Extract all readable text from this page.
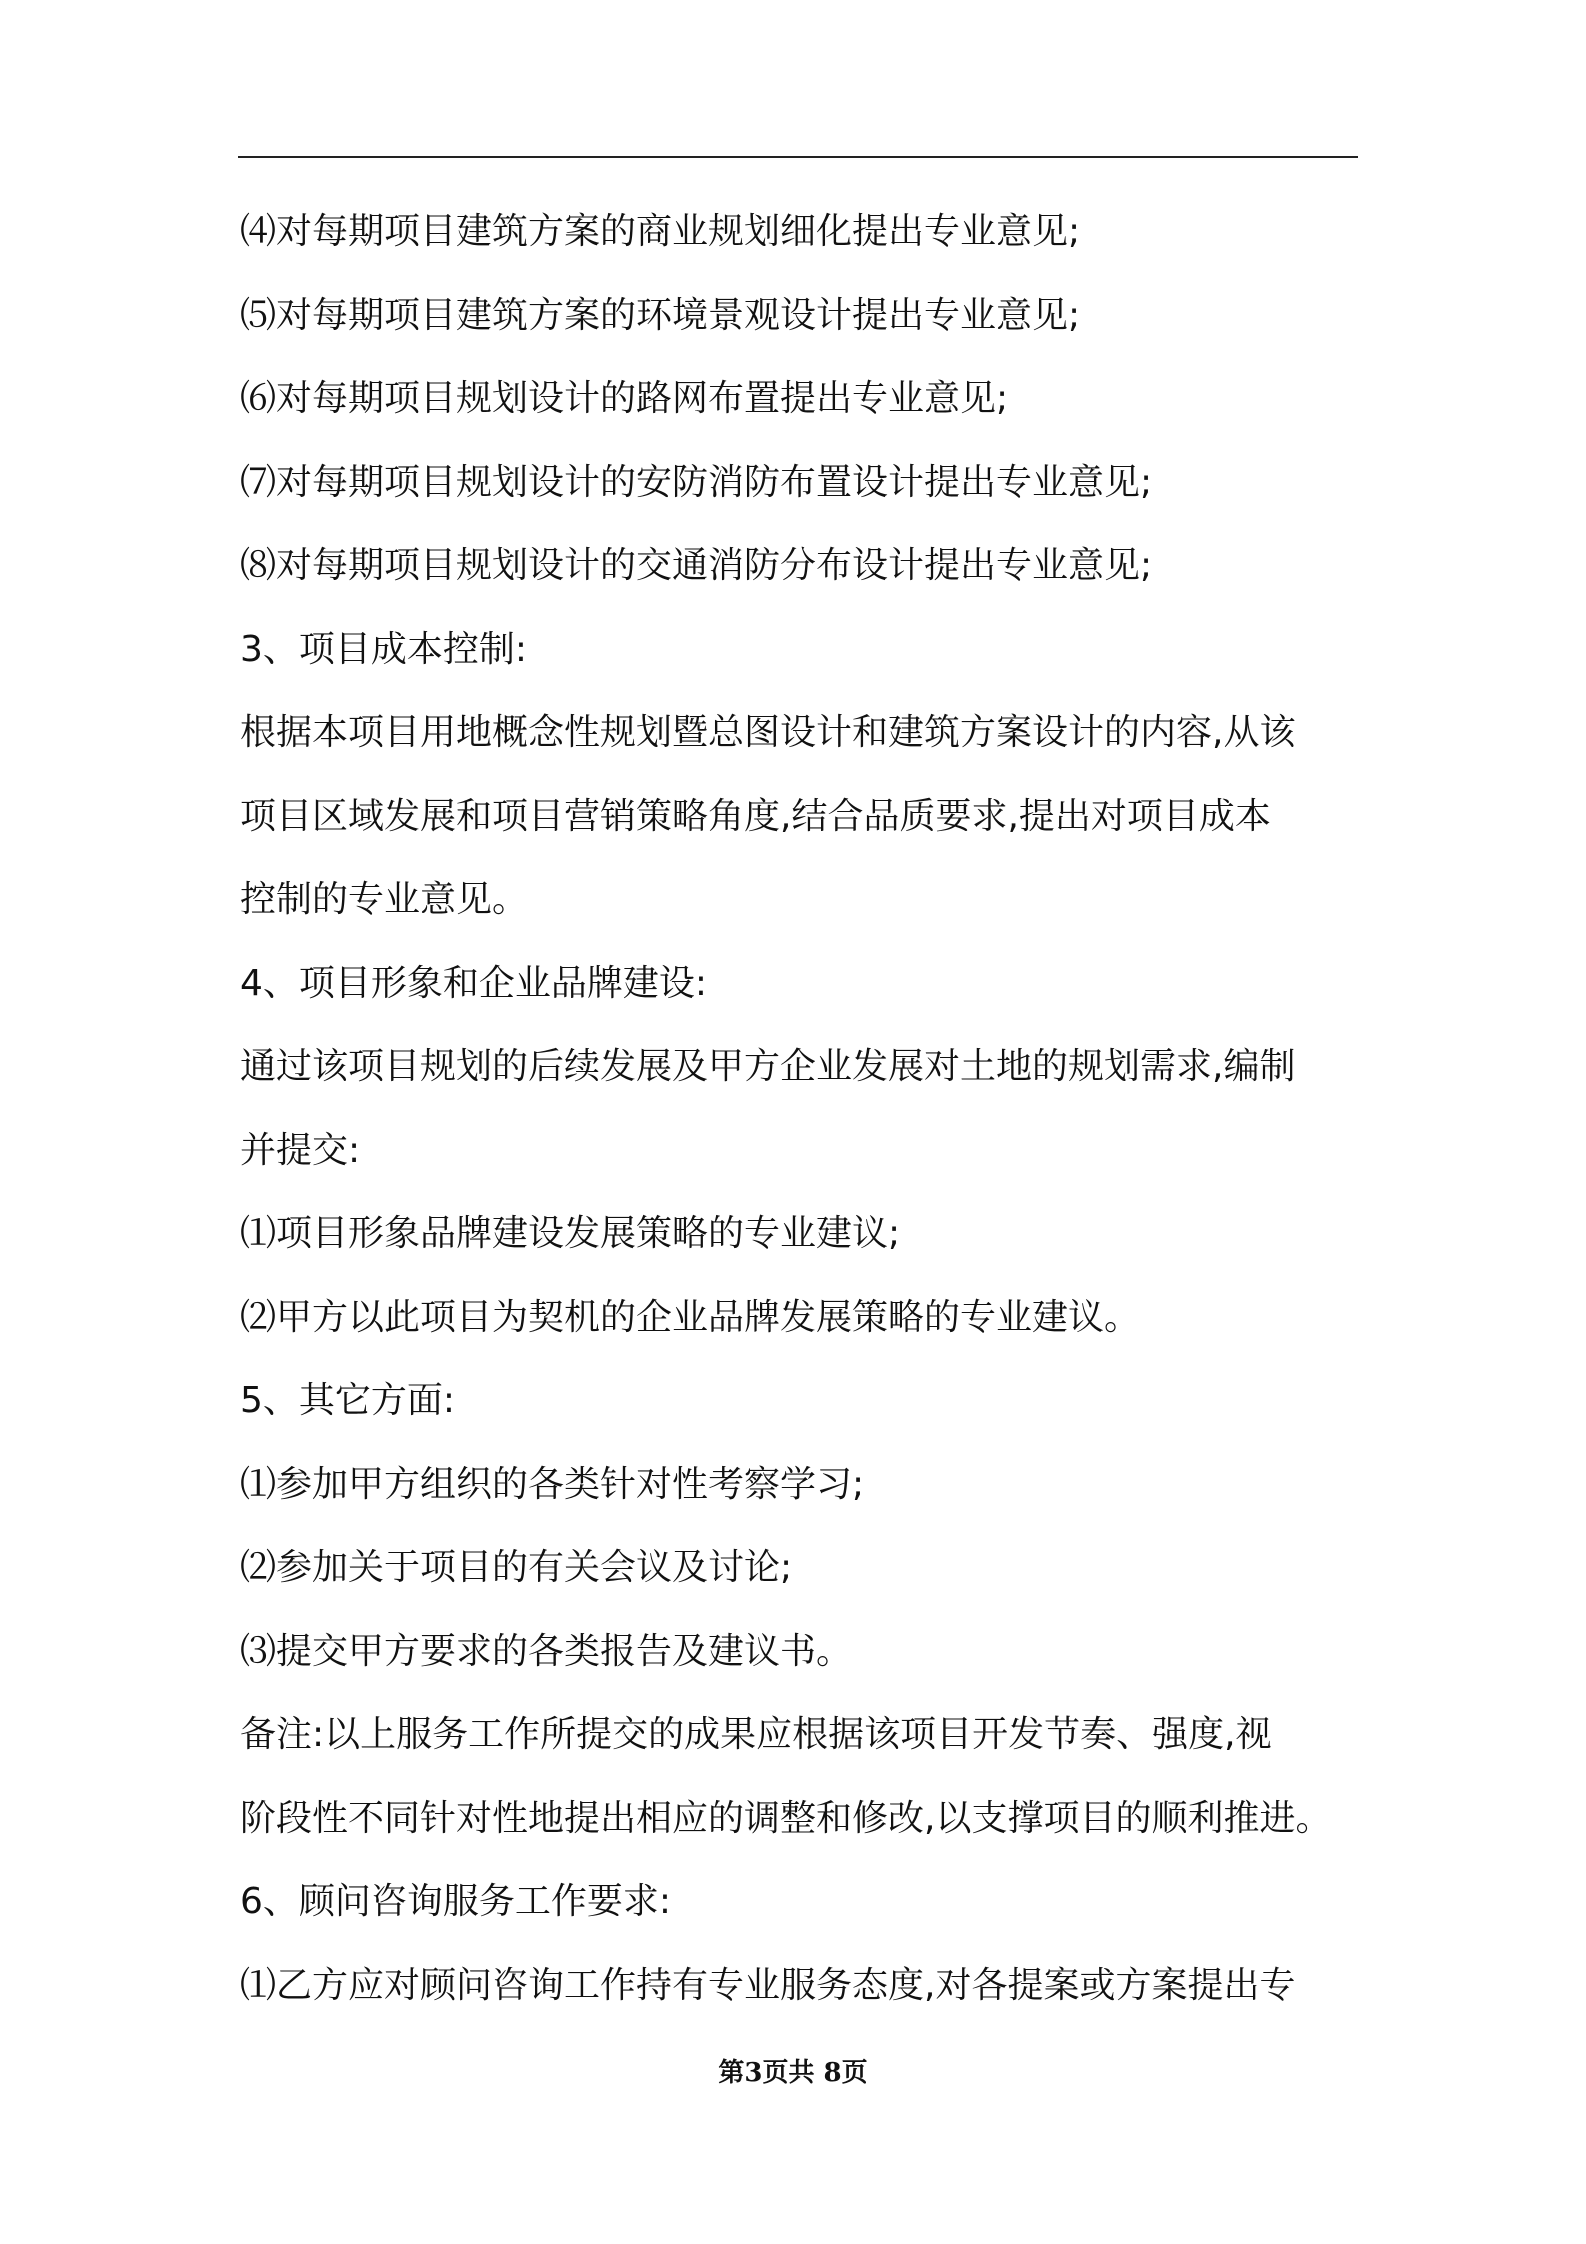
⑷对每期项目建筑方案的商业规划细化提出专业意见;
⑸对每期项目建筑方案的环境景观设计提出专业意见;
⑹对每期项目规划设计的路网布置提出专业意见;
⑺对每期项目规划设计的安防消防布置设计提出专业意见;
⑻对每期项目规划设计的交通消防分布设计提出专业意见;
3、项目成本控制:
根据本项目用地概念性规划暨总图设计和建筑方案设计的内容,从该
项目区域发展和项目营销策略角度,结合品质要求,提出对项目成本
控制的专业意见。
4、项目形象和企业品牌建设:
通过该项目规划的后续发展及甲方企业发展对土地的规划需求,编制
并提交:
⑴项目形象品牌建设发展策略的专业建议;
⑵甲方以此项目为契机的企业品牌发展策略的专业建议。
5、其它方面:
⑴参加甲方组织的各类针对性考察学习;
⑵参加关于项目的有关会议及讨论;
⑶提交甲方要求的各类报告及建议书。
备注:以上服务工作所提交的成果应根据该项目开发节奏、强度,视
阶段性不同针对性地提出相应的调整和修改,以支撑项目的顺利推进。
6、顾问咨询服务工作要求:
⑴乙方应对顾问咨询工作持有专业服务态度,对各提案或方案提出专
第3页共 8页
